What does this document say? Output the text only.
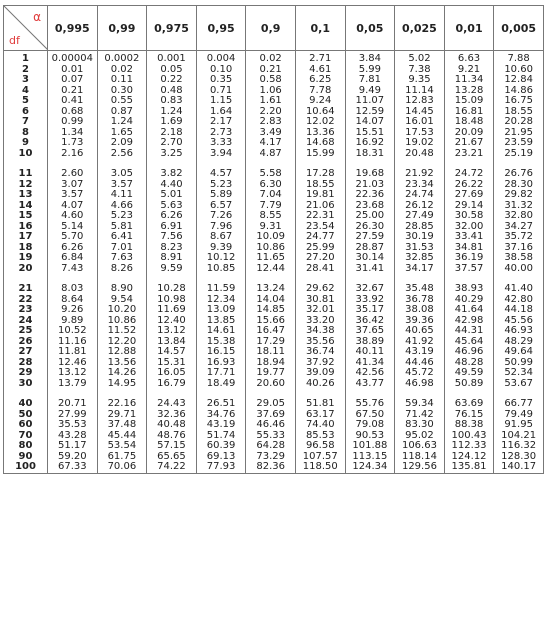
α
df	0,995	0,99	0,975	0,95	0,9	0,1	0,05	0,025	0,01	0,005
1	0.00004	0.0002	0.001	0.004	0.02	2.71	3.84	5.02	6.63	7.88
2	0.01	0.02	0.05	0.10	0.21	4.61	5.99	7.38	9.21	10.60
3	0.07	0.11	0.22	0.35	0.58	6.25	7.81	9.35	11.34	12.84
4	0.21	0.30	0.48	0.71	1.06	7.78	9.49	11.14	13.28	14.86
5	0.41	0.55	0.83	1.15	1.61	9.24	11.07	12.83	15.09	16.75
6	0.68	0.87	1.24	1.64	2.20	10.64	12.59	14.45	16.81	18.55
7	0.99	1.24	1.69	2.17	2.83	12.02	14.07	16.01	18.48	20.28
8	1.34	1.65	2.18	2.73	3.49	13.36	15.51	17.53	20.09	21.95
9	1.73	2.09	2.70	3.33	4.17	14.68	16.92	19.02	21.67	23.59
10	2.16	2.56	3.25	3.94	4.87	15.99	18.31	20.48	23.21	25.19

11	2.60	3.05	3.82	4.57	5.58	17.28	19.68	21.92	24.72	26.76
12	3.07	3.57	4.40	5.23	6.30	18.55	21.03	23.34	26.22	28.30
13	3.57	4.11	5.01	5.89	7.04	19.81	22.36	24.74	27.69	29.82
14	4.07	4.66	5.63	6.57	7.79	21.06	23.68	26.12	29.14	31.32
15	4.60	5.23	6.26	7.26	8.55	22.31	25.00	27.49	30.58	32.80
16	5.14	5.81	6.91	7.96	9.31	23.54	26.30	28.85	32.00	34.27
17	5.70	6.41	7.56	8.67	10.09	24.77	27.59	30.19	33.41	35.72
18	6.26	7.01	8.23	9.39	10.86	25.99	28.87	31.53	34.81	37.16
19	6.84	7.63	8.91	10.12	11.65	27.20	30.14	32.85	36.19	38.58
20	7.43	8.26	9.59	10.85	12.44	28.41	31.41	34.17	37.57	40.00

21	8.03	8.90	10.28	11.59	13.24	29.62	32.67	35.48	38.93	41.40
22	8.64	9.54	10.98	12.34	14.04	30.81	33.92	36.78	40.29	42.80
23	9.26	10.20	11.69	13.09	14.85	32.01	35.17	38.08	41.64	44.18
24	9.89	10.86	12.40	13.85	15.66	33.20	36.42	39.36	42.98	45.56
25	10.52	11.52	13.12	14.61	16.47	34.38	37.65	40.65	44.31	46.93
26	11.16	12.20	13.84	15.38	17.29	35.56	38.89	41.92	45.64	48.29
27	11.81	12.88	14.57	16.15	18.11	36.74	40.11	43.19	46.96	49.64
28	12.46	13.56	15.31	16.93	18.94	37.92	41.34	44.46	48.28	50.99
29	13.12	14.26	16.05	17.71	19.77	39.09	42.56	45.72	49.59	52.34
30	13.79	14.95	16.79	18.49	20.60	40.26	43.77	46.98	50.89	53.67

40	20.71	22.16	24.43	26.51	29.05	51.81	55.76	59.34	63.69	66.77
50	27.99	29.71	32.36	34.76	37.69	63.17	67.50	71.42	76.15	79.49
60	35.53	37.48	40.48	43.19	46.46	74.40	79.08	83.30	88.38	91.95
70	43.28	45.44	48.76	51.74	55.33	85.53	90.53	95.02	100.43	104.21
80	51.17	53.54	57.15	60.39	64.28	96.58	101.88	106.63	112.33	116.32
90	59.20	61.75	65.65	69.13	73.29	107.57	113.15	118.14	124.12	128.30
100	67.33	70.06	74.22	77.93	82.36	118.50	124.34	129.56	135.81	140.17
